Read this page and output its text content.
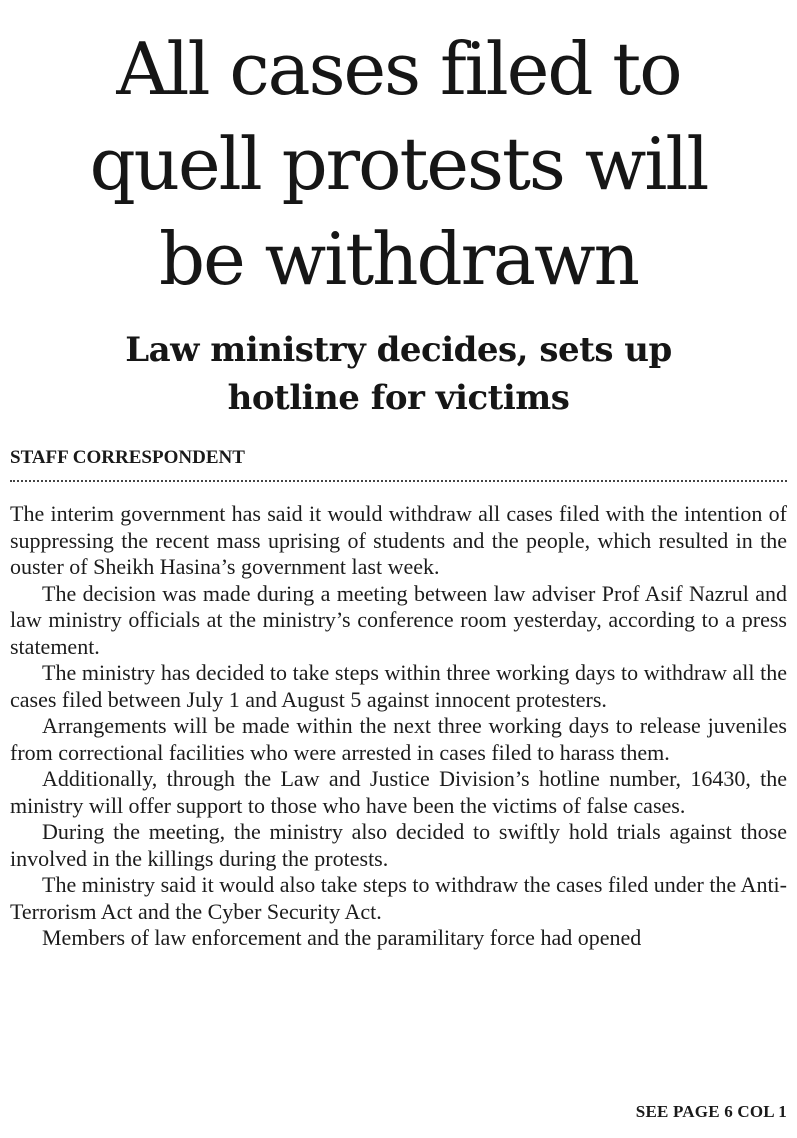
All cases filed to
quell protests will
be withdrawn
Law ministry decides, sets up
hotline for victims
STAFF CORRESPONDENT

The interim government has said it would withdraw all cases filed with the intention of suppressing the recent mass uprising of students and the people, which resulted in the ouster of Sheikh Hasina’s government last week.

The decision was made during a meeting between law adviser Prof Asif Nazrul and law ministry officials at the ministry’s conference room yesterday, according to a press statement.

The ministry has decided to take steps within three working days to withdraw all the cases filed between July 1 and August 5 against innocent protesters.

Arrangements will be made within the next three working days to release juveniles from correctional facilities who were arrested in cases filed to harass them.

Additionally, through the Law and Justice Division’s hotline number, 16430, the ministry will offer support to those who have been the victims of false cases.

During the meeting, the ministry also decided to swiftly hold trials against those involved in the killings during the protests.

The ministry said it would also take steps to withdraw the cases filed under the Anti-Terrorism Act and the Cyber Security Act.

Members of law enforcement and the paramilitary force had opened

SEE PAGE 6 COL 1
